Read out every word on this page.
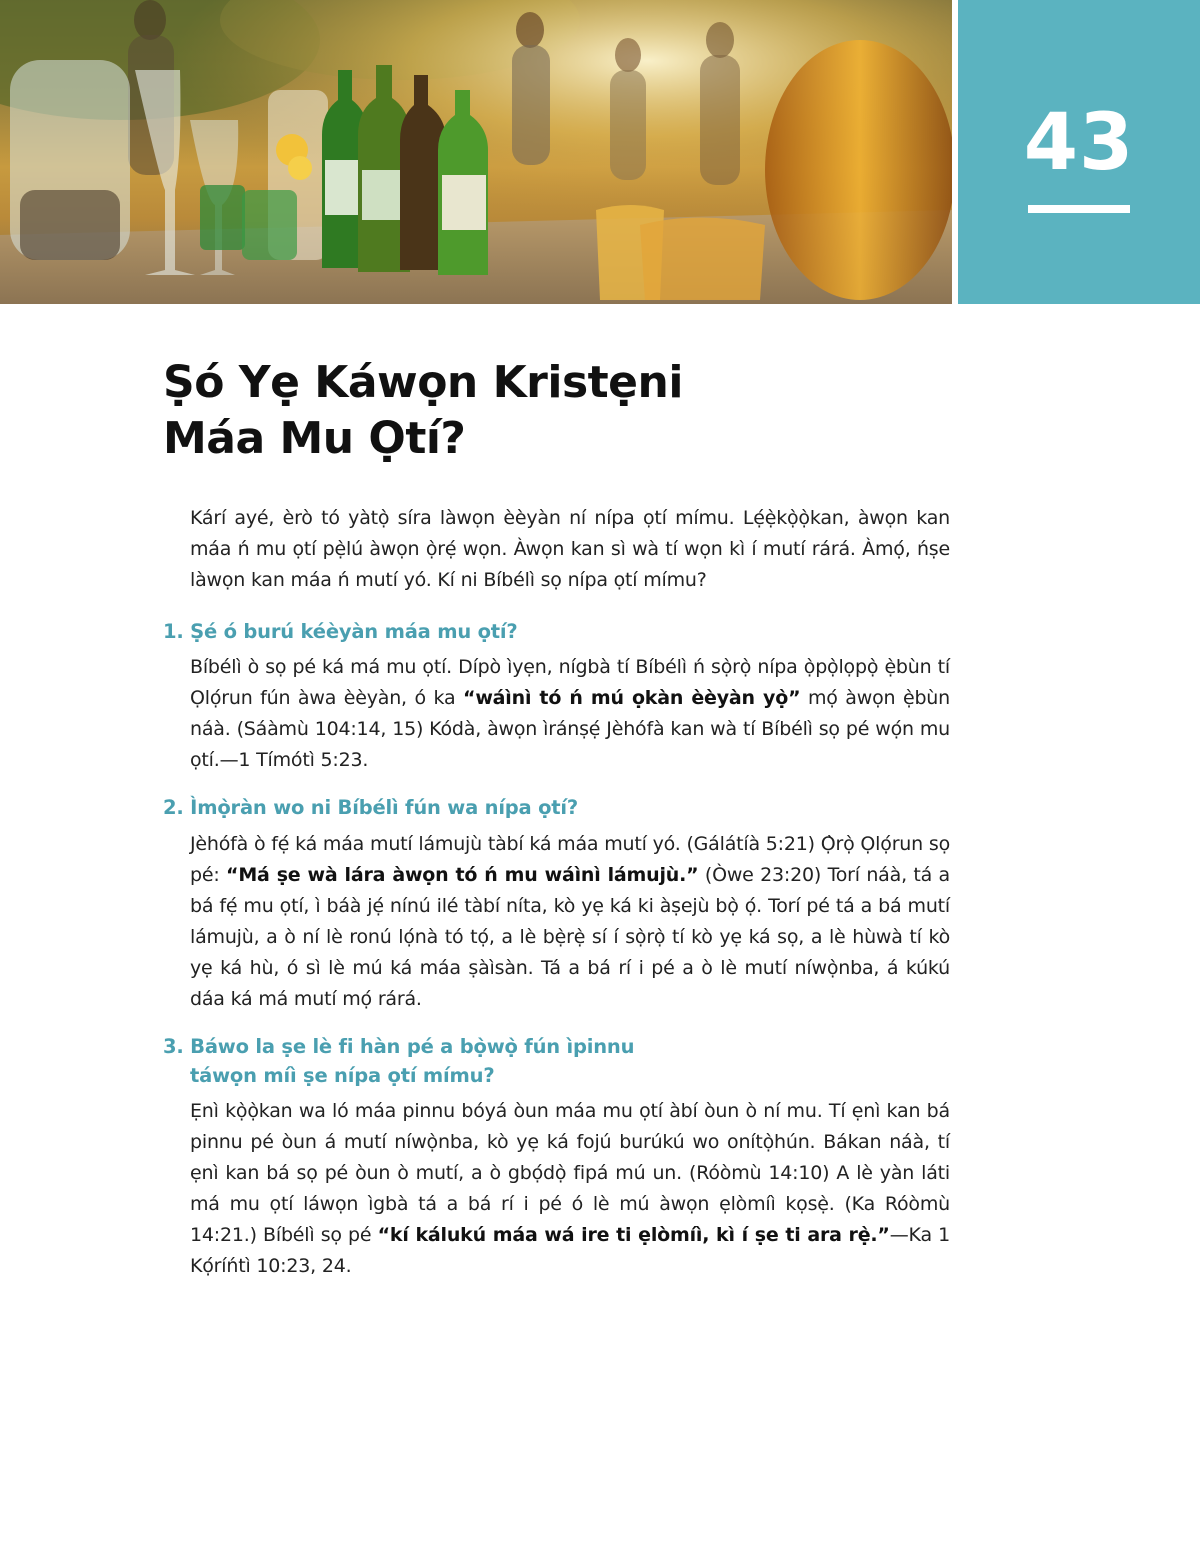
43
Ṣó Yẹ Káwọn Kristẹni
Máa Mu Ọtí?

Kárí ayé, èrò tó yàtọ̀ síra làwọn èèyàn ní nípa ọtí mímu. Lẹ́ẹ̀kọ̀ọ̀kan, àwọn kan máa ń mu ọtí pẹ̀lú àwọn ọ̀rẹ́ wọn. Àwọn kan sì wà tí wọn kì í mutí rárá. Àmọ́, ńṣe làwọn kan máa ń mutí yó. Kí ni Bíbélì sọ nípa ọtí mímu?

1. Ṣé ó burú kéèyàn máa mu ọtí?

Bíbélì ò sọ pé ká má mu ọtí. Dípò ìyẹn, nígbà tí Bíbélì ń sọ̀rọ̀ nípa ọ̀pọ̀lọpọ̀ ẹ̀bùn tí Ọlọ́run fún àwa èèyàn, ó ka “wáìnì tó ń mú ọkàn èèyàn yọ̀” mọ́ àwọn ẹ̀bùn náà. (Sáàmù 104:14, 15) Kódà, àwọn ìránṣẹ́ Jèhófà kan wà tí Bíbélì sọ pé wọ́n mu ọtí.—1 Tímótì 5:23.

2. Ìmọ̀ràn wo ni Bíbélì fún wa nípa ọtí?

Jèhófà ò fẹ́ ká máa mutí lámujù tàbí ká máa mutí yó. (Gálátíà 5:21) Ọ̀rọ̀ Ọlọ́run sọ pé: “Má ṣe wà lára àwọn tó ń mu wáìnì lámujù.” (Òwe 23:20) Torí náà, tá a bá fẹ́ mu ọtí, ì báà jẹ́ nínú ilé tàbí níta, kò yẹ ká ki àṣejù bọ̀ ọ́. Torí pé tá a bá mutí lámujù, a ò ní lè ronú lọ́nà tó tọ́, a lè bẹ̀rẹ̀ sí í sọ̀rọ̀ tí kò yẹ ká sọ, a lè hùwà tí kò yẹ ká hù, ó sì lè mú ká máa ṣàìsàn. Tá a bá rí i pé a ò lè mutí níwọ̀nba, á kúkú dáa ká má mutí mọ́ rárá.

3. Báwo la ṣe lè fi hàn pé a bọ̀wọ̀ fún ìpinnu
táwọn míì ṣe nípa ọtí mímu?

Ẹnì kọ̀ọ̀kan wa ló máa pinnu bóyá òun máa mu ọtí àbí òun ò ní mu. Tí ẹnì kan bá pinnu pé òun á mutí níwọ̀nba, kò yẹ ká fojú burúkú wo onítọ̀hún. Bákan náà, tí ẹnì kan bá sọ pé òun ò mutí, a ò gbọ́dọ̀ fipá mú un. (Róòmù 14:10) A lè yàn láti má mu ọtí láwọn ìgbà tá a bá rí i pé ó lè mú àwọn ẹlòmíì kọsẹ̀. (Ka Róòmù 14:21.) Bíbélì sọ pé “kí kálukú máa wá ire ti ẹlòmíì, kì í ṣe ti ara rẹ̀.”—Ka 1 Kọ́ríńtì 10:23, 24.
